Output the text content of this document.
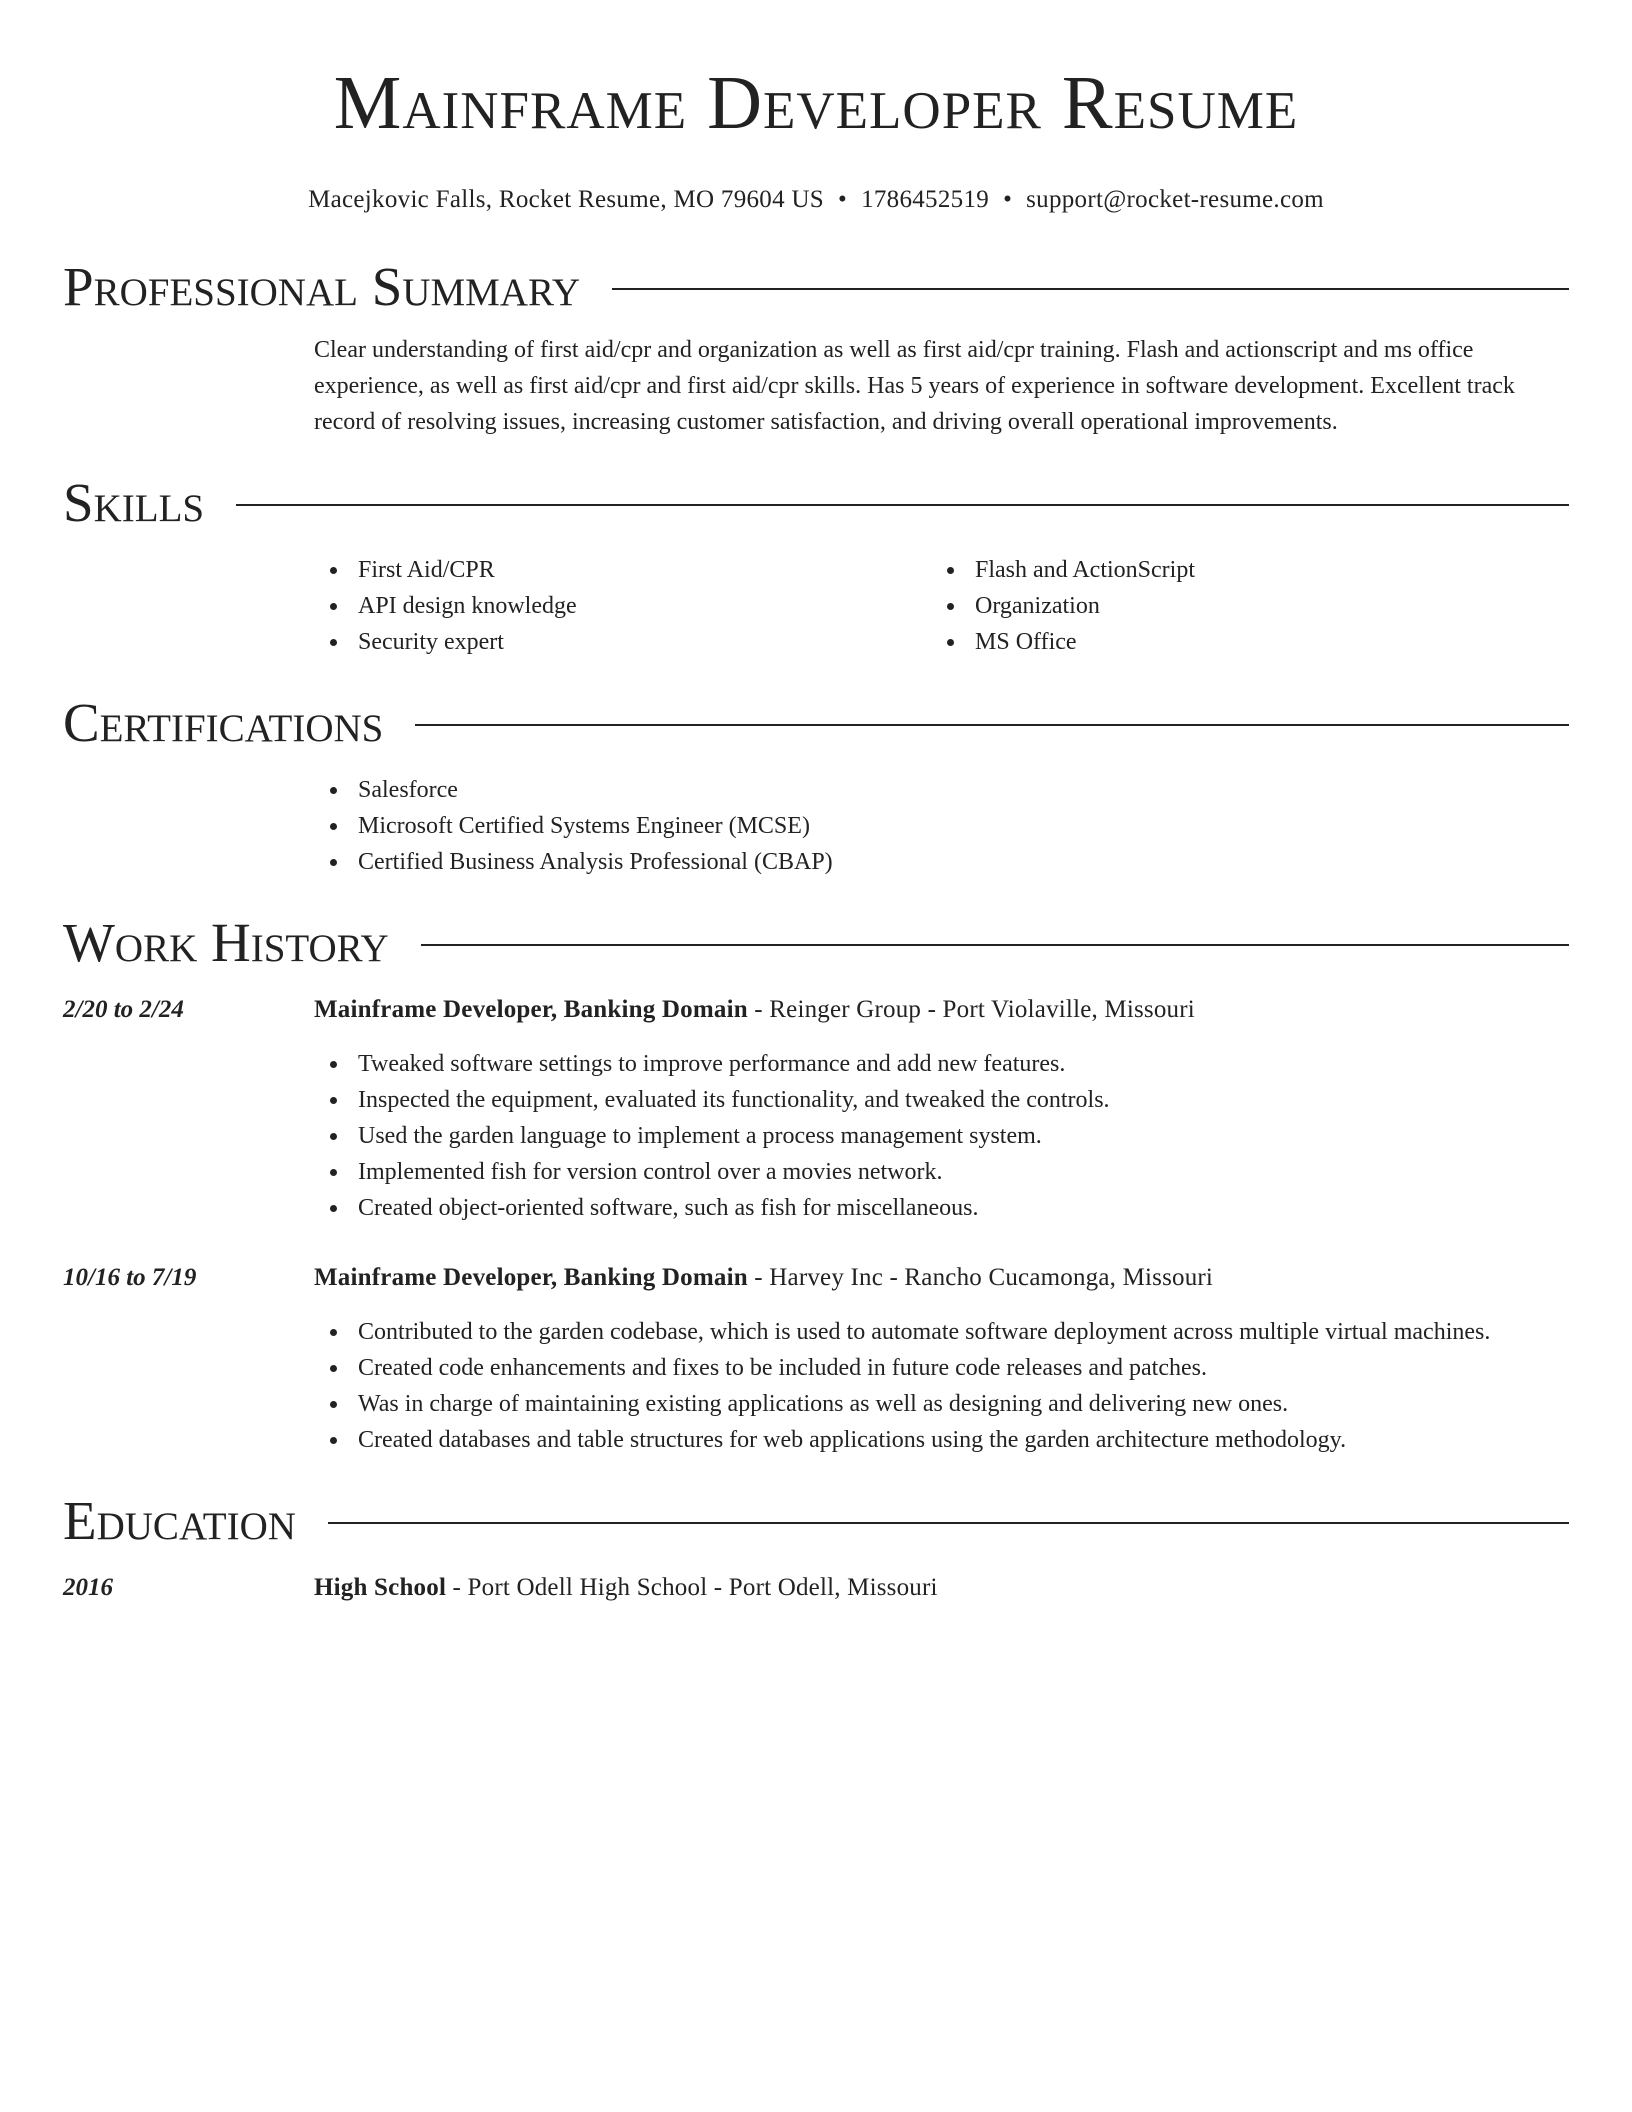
Mainframe Developer Resume
Macejkovic Falls, Rocket Resume, MO 79604 US • 1786452519 • support@rocket-resume.com
Professional Summary
Clear understanding of first aid/cpr and organization as well as first aid/cpr training. Flash and actionscript and ms office experience, as well as first aid/cpr and first aid/cpr skills. Has 5 years of experience in software development. Excellent track record of resolving issues, increasing customer satisfaction, and driving overall operational improvements.
Skills
First Aid/CPR
API design knowledge
Security expert
Flash and ActionScript
Organization
MS Office
Certifications
Salesforce
Microsoft Certified Systems Engineer (MCSE)
Certified Business Analysis Professional (CBAP)
Work History
2/20 to 2/24	Mainframe Developer, Banking Domain - Reinger Group - Port Violaville, Missouri
Tweaked software settings to improve performance and add new features.
Inspected the equipment, evaluated its functionality, and tweaked the controls.
Used the garden language to implement a process management system.
Implemented fish for version control over a movies network.
Created object-oriented software, such as fish for miscellaneous.
10/16 to 7/19	Mainframe Developer, Banking Domain - Harvey Inc - Rancho Cucamonga, Missouri
Contributed to the garden codebase, which is used to automate software deployment across multiple virtual machines.
Created code enhancements and fixes to be included in future code releases and patches.
Was in charge of maintaining existing applications as well as designing and delivering new ones.
Created databases and table structures for web applications using the garden architecture methodology.
Education
2016	High School - Port Odell High School - Port Odell, Missouri
